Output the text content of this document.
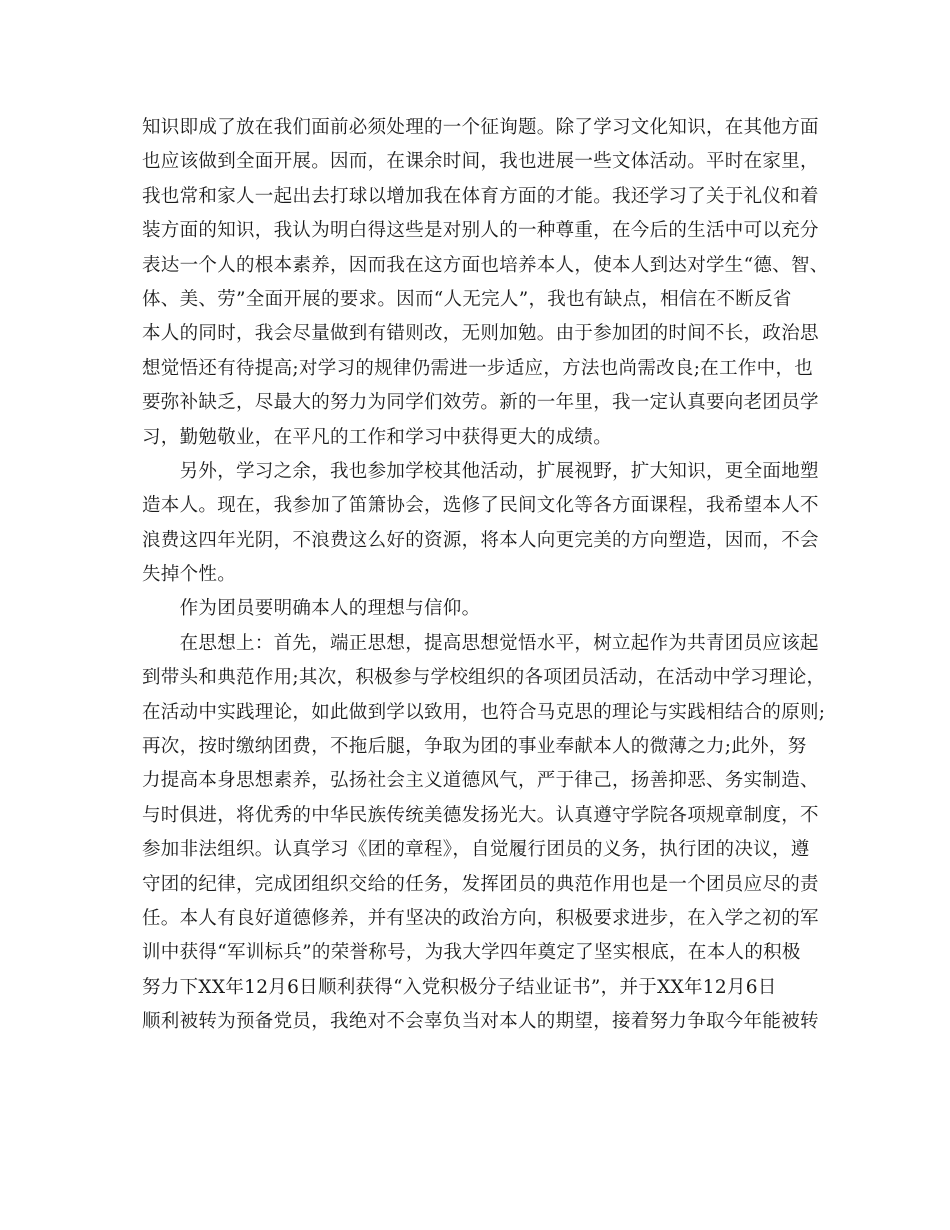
知识即成了放在我们面前必须处理的一个征询题。除了学习文化知识，在其他方面
也应该做到全面开展。因而，在课余时间，我也进展一些文体活动。平时在家里，
我也常和家人一起出去打球以增加我在体育方面的才能。我还学习了关于礼仪和着
装方面的知识，我认为明白得这些是对别人的一种尊重，在今后的生活中可以充分
表达一个人的根本素养，因而我在这方面也培养本人，使本人到达对学生“德、智、
体、美、劳”全面开展的要求。因而“人无完人”，我也有缺点，相信在不断反省
本人的同时，我会尽量做到有错则改，无则加勉。由于参加团的时间不长，政治思
想觉悟还有待提高;对学习的规律仍需进一步适应，方法也尚需改良;在工作中，也
要弥补缺乏，尽最大的努力为同学们效劳。新的一年里，我一定认真要向老团员学
习，勤勉敬业，在平凡的工作和学习中获得更大的成绩。
　　另外，学习之余，我也参加学校其他活动，扩展视野，扩大知识，更全面地塑
造本人。现在，我参加了笛箫协会，选修了民间文化等各方面课程，我希望本人不
浪费这四年光阴，不浪费这么好的资源，将本人向更完美的方向塑造，因而，不会
失掉个性。
　　作为团员要明确本人的理想与信仰。
　　在思想上：首先，端正思想，提高思想觉悟水平，树立起作为共青团员应该起
到带头和典范作用;其次，积极参与学校组织的各项团员活动，在活动中学习理论，
在活动中实践理论，如此做到学以致用，也符合马克思的理论与实践相结合的原则;
再次，按时缴纳团费，不拖后腿，争取为团的事业奉献本人的微薄之力;此外，努
力提高本身思想素养，弘扬社会主义道德风气，严于律己，扬善抑恶、务实制造、
与时俱进，将优秀的中华民族传统美德发扬光大。认真遵守学院各项规章制度，不
参加非法组织。认真学习《团的章程》，自觉履行团员的义务，执行团的决议，遵
守团的纪律，完成团组织交给的任务，发挥团员的典范作用也是一个团员应尽的责
任。本人有良好道德修养，并有坚决的政治方向，积极要求进步，在入学之初的军
训中获得“军训标兵”的荣誉称号，为我大学四年奠定了坚实根底，在本人的积极
努力下XX年12月6日顺利获得“入党积极分子结业证书”，并于XX年12月6日
顺利被转为预备党员，我绝对不会辜负当对本人的期望，接着努力争取今年能被转
